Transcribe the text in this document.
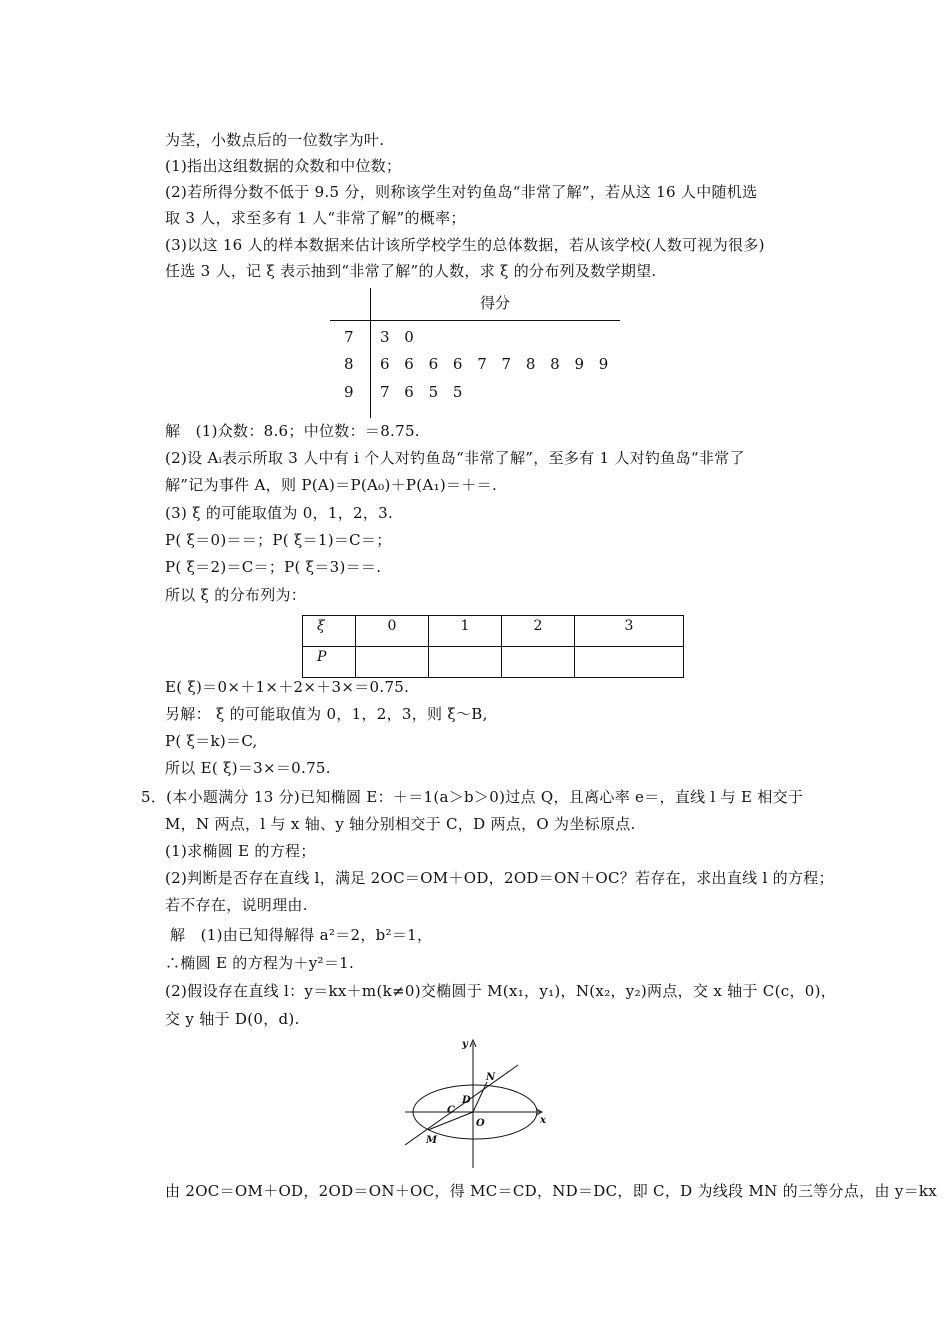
为茎，小数点后的一位数字为叶.
(1)指出这组数据的众数和中位数；
(2)若所得分数不低于 9.5 分，则称该学生对钓鱼岛“非常了解”，若从这 16 人中随机选
取 3 人，求至多有 1 人“非常了解”的概率；
(3)以这 16 人的样本数据来估计该所学校学生的总体数据，若从该学校(人数可视为很多)
任选 3 人，记 ξ 表示抽到“非常了解”的人数，求 ξ 的分布列及数学期望.
得分
7 3 0
8 6 6 6 6 7 7 8 8 9 9
9 7 6 5 5
解　(1)众数：8.6；中位数：＝8.75.
(2)设 Aᵢ表示所取 3 人中有 i 个人对钓鱼岛“非常了解”，至多有 1 人对钓鱼岛“非常了
解”记为事件 A，则 P(A)＝P(A₀)＋P(A₁)＝＋＝.
(3) ξ 的可能取值为 0，1，2，3.
P( ξ＝0)＝＝；P( ξ＝1)＝C＝；
P( ξ＝2)＝C＝；P( ξ＝3)＝＝.
所以 ξ 的分布列为：
ξ	0	1	2	3
P				
E( ξ)＝0×＋1×＋2×＋3×＝0.75.
另解： ξ 的可能取值为 0，1，2，3，则 ξ～B,
P( ξ＝k)＝C,
所以 E( ξ)＝3×＝0.75.
5．(本小题满分 13 分)已知椭圆 E：＋＝1(a＞b＞0)过点 Q，且离心率 e＝，直线 l 与 E 相交于
M，N 两点，l 与 x 轴、y 轴分别相交于 C，D 两点，O 为坐标原点.
(1)求椭圆 E 的方程；
(2)判断是否存在直线 l，满足 2OC＝OM＋OD，2OD＝ON＋OC？若存在，求出直线 l 的方程；
若不存在，说明理由.
解　(1)由已知得解得 a²＝2，b²＝1，
∴椭圆 E 的方程为＋y²＝1.
(2)假设存在直线 l：y＝kx＋m(k≠0)交椭圆于 M(x₁，y₁)，N(x₂，y₂)两点，交 x 轴于 C(c，0)，
交 y 轴于 D(0，d).
y
x
N
D
C
O
M
由 2OC＝OM＋OD，2OD＝ON＋OC，得 MC＝CD，ND＝DC，即 C，D 为线段 MN 的三等分点，由 y＝kx
